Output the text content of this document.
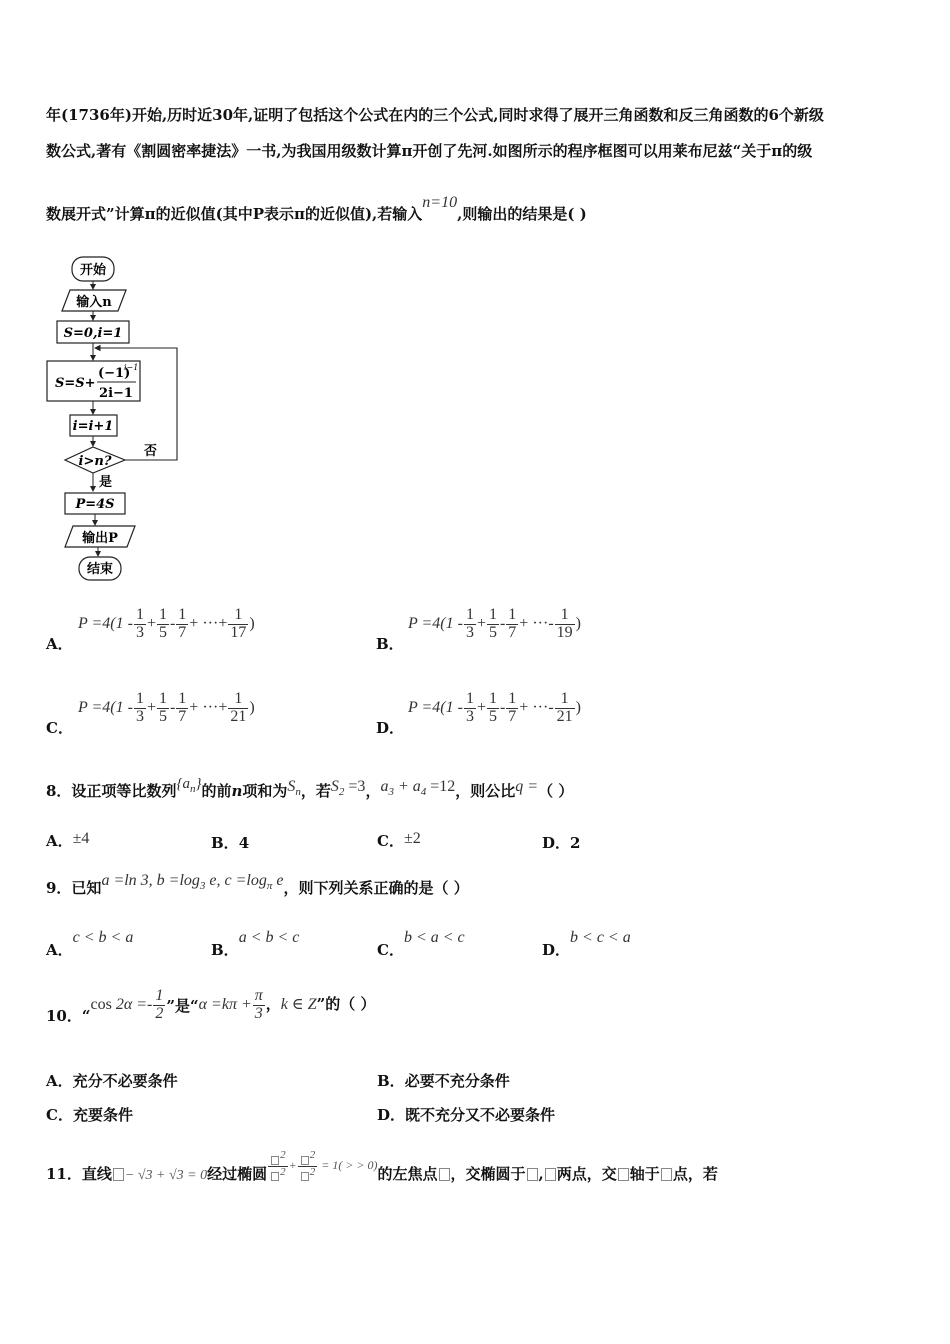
年(1736年)开始,历时近30年,证明了包括这个公式在内的三个公式,同时求得了展开三角函数和反三角函数的6个新级
数公式,著有《割圆密率捷法》一书,为我国用级数计算π开创了先河.如图所示的程序框图可以用莱布尼兹“关于π的级
数展开式”计算π的近似值(其中P表示π的近似值),若输入n=10,则输出的结果是( )
开始
输入n
S=0,i=1
S=S+
(−1)
i−1
2i−1
i=i+1
i>n?
否
是
P=4S
输出P
结束
A．
$P =4(1 - \frac{1}{3} + \frac{1}{5} - \frac{1}{7}$ + ···+ $\frac{1}{17}$ )
B．
$P =4(1 - \frac{1}{3} + \frac{1}{5} - \frac{1}{7}$ + ···- $\frac{1}{19}$ )
C．
$P =4(1 - \frac{1}{3} + \frac{1}{5} - \frac{1}{7}$ + ···+ $\frac{1}{21}$ )
D．
$P =4(1 - \frac{1}{3} + \frac{1}{5} - \frac{1}{7}$ + ···- $\frac{1}{21}$ )
8．设正项等比数列$\{a_n\}$的前n项和为$S_n$，若$S_2 =3$，$a_3 + a_4 =12$，则公比q =（ ）
A．±4	B．4	C．±2	D．2
9．已知a =ln 3, $b =\log_3$ e, $c =\log_\pi$ e，则下列关系正确的是（ ）
A．c < b < a
B．a < b < c
C．b < a < c
D．b < c < a
10．“cos $2\alpha =- \frac{1}{2}$ ”是“$\alpha =k\pi + \frac{\pi}{3}$ ，k ∈ Z”的（ ）
A．充分不必要条件	B．必要不充分条件
C．充要条件	D．既不充分又不必要条件
11．直线 − √3 + √3 = 0经过椭圆 $^{\frac{^2}{^2} + \frac{^2}{^2} = 1( > > 0)}$的左焦点 ，交椭圆于 , 两点，交 轴于 点，若
